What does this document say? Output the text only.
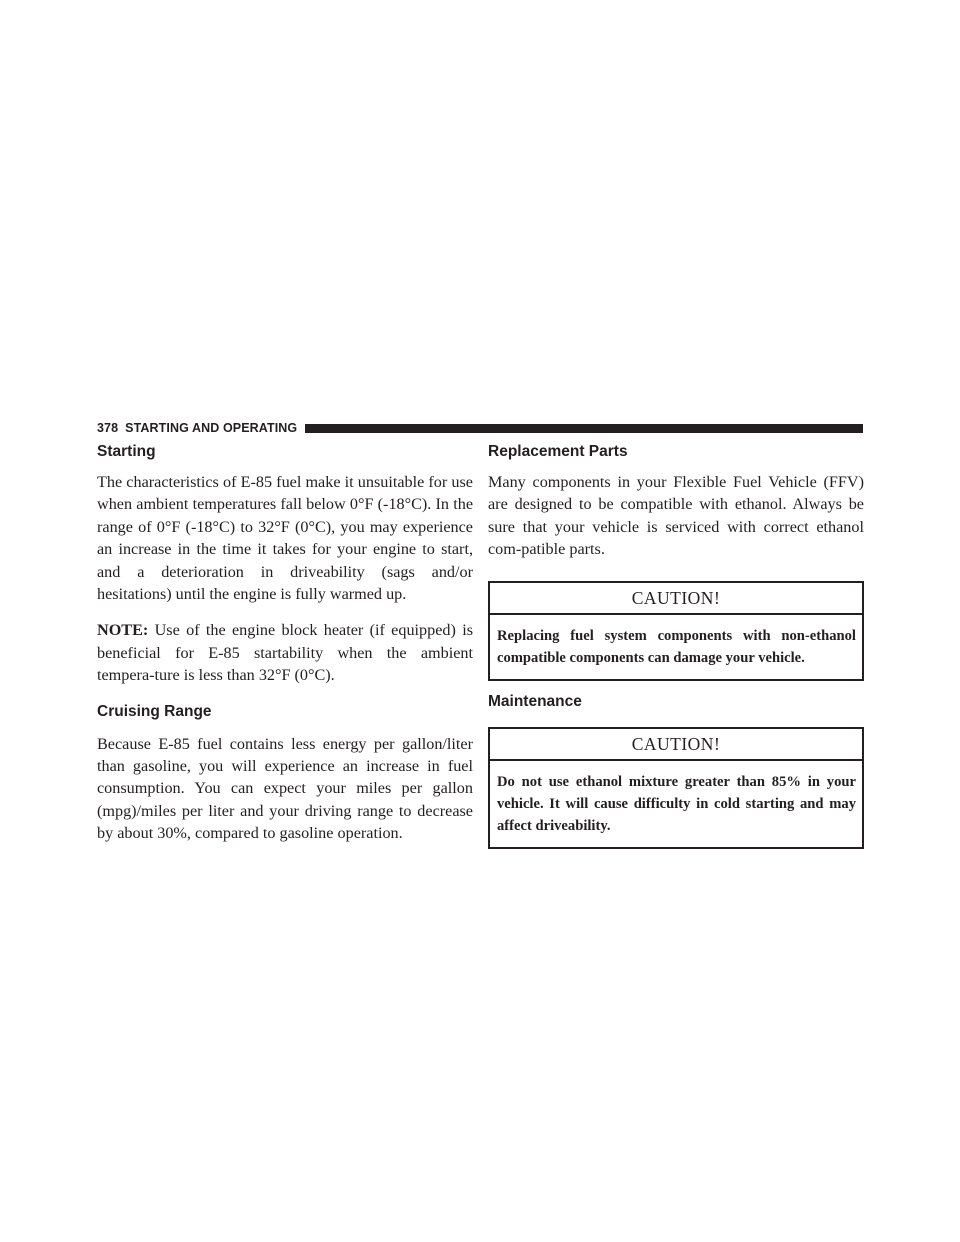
378 STARTING AND OPERATING
Starting

The characteristics of E-85 fuel make it unsuitable for use when ambient temperatures fall below 0°F (-18°C). In the range of 0°F (-18°C) to 32°F (0°C), you may experience an increase in the time it takes for your engine to start, and a deterioration in driveability (sags and/or hesitations) until the engine is fully warmed up.

NOTE: Use of the engine block heater (if equipped) is beneficial for E-85 startability when the ambient tempera-ture is less than 32°F (0°C).

Cruising Range

Because E-85 fuel contains less energy per gallon/liter than gasoline, you will experience an increase in fuel consumption. You can expect your miles per gallon (mpg)/miles per liter and your driving range to decrease by about 30%, compared to gasoline operation.

Replacement Parts

Many components in your Flexible Fuel Vehicle (FFV) are designed to be compatible with ethanol. Always be sure that your vehicle is serviced with correct ethanol com-patible parts.

CAUTION!
Replacing fuel system components with non-ethanol compatible components can damage your vehicle.
Maintenance
CAUTION!
Do not use ethanol mixture greater than 85% in your vehicle. It will cause difficulty in cold starting and may affect driveability.
